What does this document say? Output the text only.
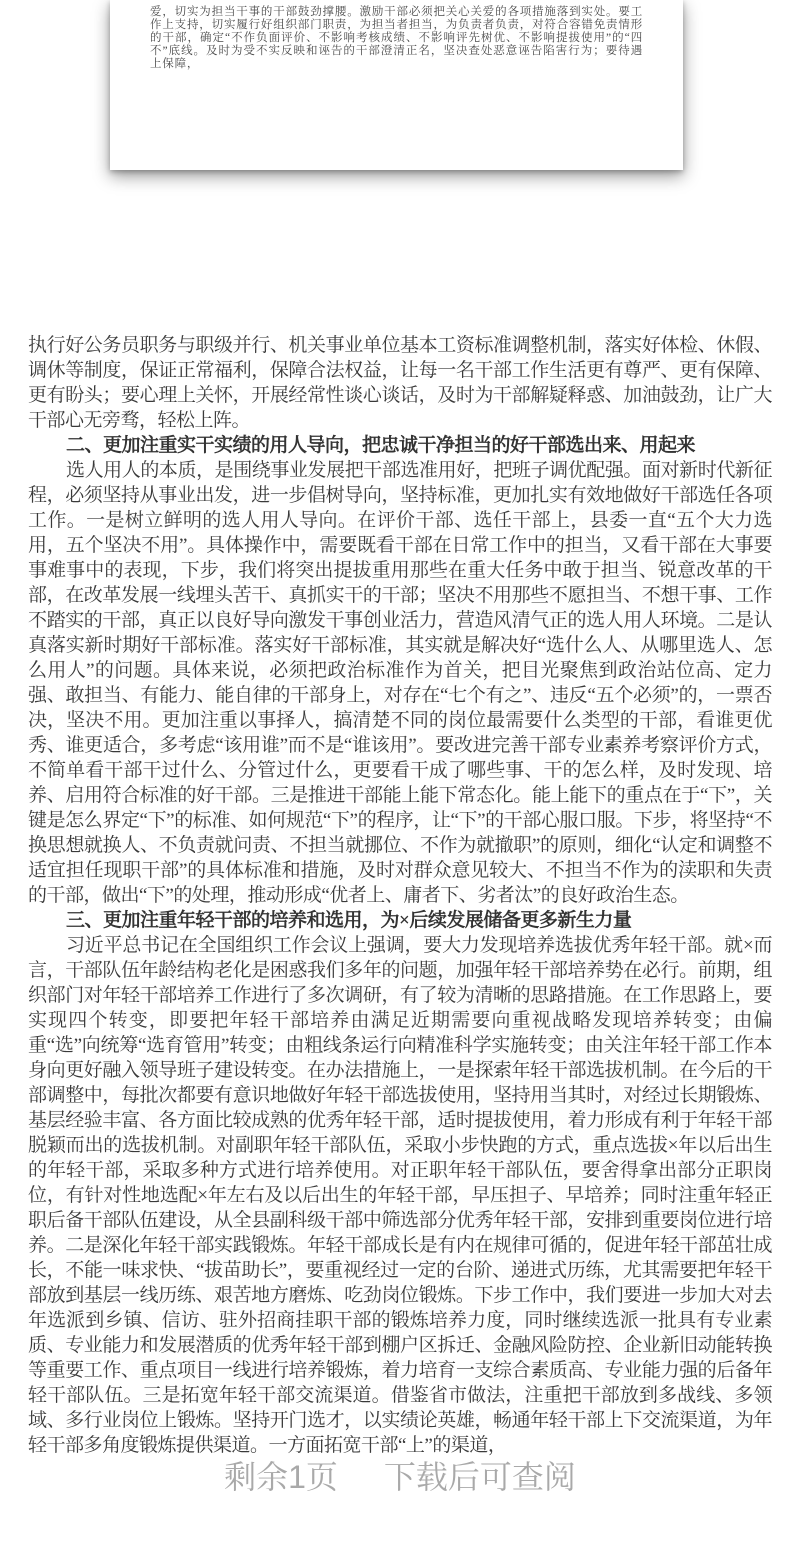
爱，切实为担当干事的干部鼓劲撑腰。激励干部必须把关心关爱的各项措施落到实处。要工作上支持，切实履行好组织部门职责，为担当者担当，为负责者负责，对符合容错免责情形的干部，确定“不作负面评价、不影响考核成绩、不影响评先树优、不影响提拔使用”的“四不”底线。及时为受不实反映和诬告的干部澄清正名，坚决查处恶意诬告陷害行为；要待遇上保障，

执行好公务员职务与职级并行、机关事业单位基本工资标准调整机制，落实好体检、休假、调休等制度，保证正常福利，保障合法权益，让每一名干部工作生活更有尊严、更有保障、更有盼头；要心理上关怀，开展经常性谈心谈话，及时为干部解疑释惑、加油鼓劲，让广大干部心无旁骛，轻松上阵。

二、更加注重实干实绩的用人导向，把忠诚干净担当的好干部选出来、用起来

选人用人的本质，是围绕事业发展把干部选准用好，把班子调优配强。面对新时代新征程，必须坚持从事业出发，进一步倡树导向，坚持标准，更加扎实有效地做好干部选任各项工作。一是树立鲜明的选人用人导向。在评价干部、选任干部上，县委一直“五个大力选用，五个坚决不用”。具体操作中，需要既看干部在日常工作中的担当，又看干部在大事要事难事中的表现，下步，我们将突出提拔重用那些在重大任务中敢于担当、锐意改革的干部，在改革发展一线埋头苦干、真抓实干的干部；坚决不用那些不愿担当、不想干事、工作不踏实的干部，真正以良好导向激发干事创业活力，营造风清气正的选人用人环境。二是认真落实新时期好干部标准。落实好干部标准，其实就是解决好“选什么人、从哪里选人、怎么用人”的问题。具体来说，必须把政治标准作为首关，把目光聚焦到政治站位高、定力强、敢担当、有能力、能自律的干部身上，对存在“七个有之”、违反“五个必须”的，一票否决，坚决不用。更加注重以事择人，搞清楚不同的岗位最需要什么类型的干部，看谁更优秀、谁更适合，多考虑“该用谁”而不是“谁该用”。要改进完善干部专业素养考察评价方式，不简单看干部干过什么、分管过什么，更要看干成了哪些事、干的怎么样，及时发现、培养、启用符合标准的好干部。三是推进干部能上能下常态化。能上能下的重点在于“下”，关键是怎么界定“下”的标准、如何规范“下”的程序，让“下”的干部心服口服。下步，将坚持“不换思想就换人、不负责就问责、不担当就挪位、不作为就撤职”的原则，细化“认定和调整不适宜担任现职干部”的具体标准和措施，及时对群众意见较大、不担当不作为的渎职和失责的干部，做出“下”的处理，推动形成“优者上、庸者下、劣者汰”的良好政治生态。

三、更加注重年轻干部的培养和选用，为×后续发展储备更多新生力量

习近平总书记在全国组织工作会议上强调，要大力发现培养选拔优秀年轻干部。就×而言，干部队伍年龄结构老化是困惑我们多年的问题，加强年轻干部培养势在必行。前期，组织部门对年轻干部培养工作进行了多次调研，有了较为清晰的思路措施。在工作思路上，要实现四个转变，即要把年轻干部培养由满足近期需要向重视战略发现培养转变；由偏重“选”向统筹“选育管用”转变；由粗线条运行向精准科学实施转变；由关注年轻干部工作本身向更好融入领导班子建设转变。在办法措施上，一是探索年轻干部选拔机制。在今后的干部调整中，每批次都要有意识地做好年轻干部选拔使用，坚持用当其时，对经过长期锻炼、基层经验丰富、各方面比较成熟的优秀年轻干部，适时提拔使用，着力形成有利于年轻干部脱颖而出的选拔机制。对副职年轻干部队伍，采取小步快跑的方式，重点选拔×年以后出生的年轻干部，采取多种方式进行培养使用。对正职年轻干部队伍，要舍得拿出部分正职岗位，有针对性地选配×年左右及以后出生的年轻干部，早压担子、早培养；同时注重年轻正职后备干部队伍建设，从全县副科级干部中筛选部分优秀年轻干部，安排到重要岗位进行培养。二是深化年轻干部实践锻炼。年轻干部成长是有内在规律可循的，促进年轻干部茁壮成长，不能一味求快、“拔苗助长”，要重视经过一定的台阶、递进式历练，尤其需要把年轻干部放到基层一线历练、艰苦地方磨炼、吃劲岗位锻炼。下步工作中，我们要进一步加大对去年选派到乡镇、信访、驻外招商挂职干部的锻炼培养力度，同时继续选派一批具有专业素质、专业能力和发展潜质的优秀年轻干部到棚户区拆迁、金融风险防控、企业新旧动能转换等重要工作、重点项目一线进行培养锻炼，着力培育一支综合素质高、专业能力强的后备年轻干部队伍。三是拓宽年轻干部交流渠道。借鉴省市做法，注重把干部放到多战线、多领域、多行业岗位上锻炼。坚持开门选才，以实绩论英雄，畅通年轻干部上下交流渠道，为年轻干部多角度锻炼提供渠道。一方面拓宽干部“上”的渠道，

剩余1页 下载后可查阅
